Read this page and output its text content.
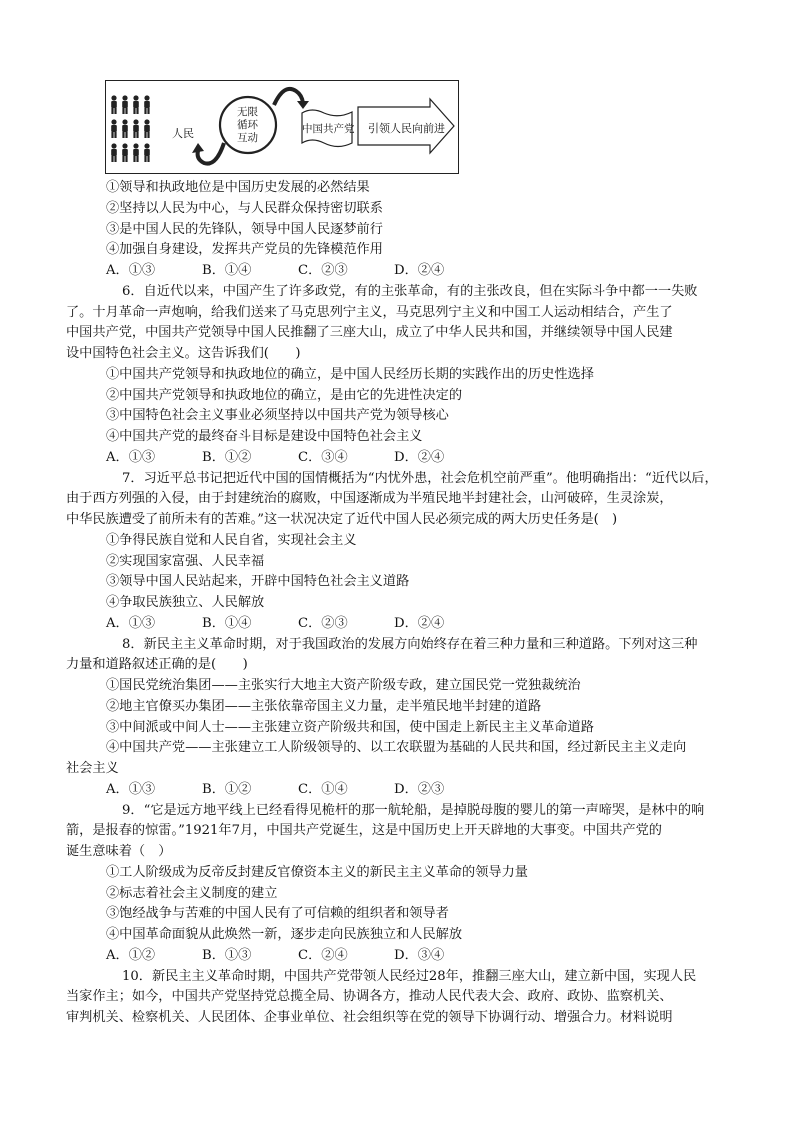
人民
无限
循环
互动
中国共产党 引领人民向前进
①领导和执政地位是中国历史发展的必然结果
②坚持以人民为中心，与人民群众保持密切联系
③是中国人民的先锋队，领导中国人民逐梦前行
④加强自身建设，发挥共产党员的先锋模范作用
A．①③	B．①④	C．②③	D．②④
6．自近代以来，中国产生了许多政党，有的主张革命，有的主张改良，但在实际斗争中都一一失败
了。十月革命一声炮响，给我们送来了马克思列宁主义，马克思列宁主义和中国工人运动相结合，产生了
中国共产党，中国共产党领导中国人民推翻了三座大山，成立了中华人民共和国，并继续领导中国人民建
设中国特色社会主义。这告诉我们(　　)
①中国共产党领导和执政地位的确立，是中国人民经历长期的实践作出的历史性选择
②中国共产党领导和执政地位的确立，是由它的先进性决定的
③中国特色社会主义事业必须坚持以中国共产党为领导核心
④中国共产党的最终奋斗目标是建设中国特色社会主义
A．①③	B．①②	C．③④	D．②④
7．习近平总书记把近代中国的国情概括为“内忧外患，社会危机空前严重”。他明确指出：“近代以后，
由于西方列强的入侵，由于封建统治的腐败，中国逐渐成为半殖民地半封建社会，山河破碎，生灵涂炭，
中华民族遭受了前所未有的苦难。”这一状况决定了近代中国人民必须完成的两大历史任务是(　)
①争得民族自觉和人民自省，实现社会主义
②实现国家富强、人民幸福
③领导中国人民站起来，开辟中国特色社会主义道路
④争取民族独立、人民解放
A．①③	B．①④	C．②③	D．②④
8．新民主主义革命时期，对于我国政治的发展方向始终存在着三种力量和三种道路。下列对这三种
力量和道路叙述正确的是(　　)
①国民党统治集团——主张实行大地主大资产阶级专政，建立国民党一党独裁统治
②地主官僚买办集团——主张依靠帝国主义力量，走半殖民地半封建的道路
③中间派或中间人士——主张建立资产阶级共和国，使中国走上新民主主义革命道路
④中国共产党——主张建立工人阶级领导的、以工农联盟为基础的人民共和国，经过新民主主义走向
社会主义
A．①③	B．①②	C．①④	D．②③
9．“它是远方地平线上已经看得见桅杆的那一航轮船，是掉脱母腹的婴儿的第一声啼哭，是林中的响
箭，是报春的惊雷。”1921年7月，中国共产党诞生，这是中国历史上开天辟地的大事变。中国共产党的
诞生意味着（　）
①工人阶级成为反帝反封建反官僚资本主义的新民主主义革命的领导力量
②标志着社会主义制度的建立
③饱经战争与苦难的中国人民有了可信赖的组织者和领导者
④中国革命面貌从此焕然一新，逐步走向民族独立和人民解放
A．①②	B．①③	C．②④	D．③④
10．新民主主义革命时期，中国共产党带领人民经过28年，推翻三座大山，建立新中国，实现人民
当家作主；如今，中国共产党坚持党总揽全局、协调各方，推动人民代表大会、政府、政协、监察机关、
审判机关、检察机关、人民团体、企事业单位、社会组织等在党的领导下协调行动、增强合力。材料说明
